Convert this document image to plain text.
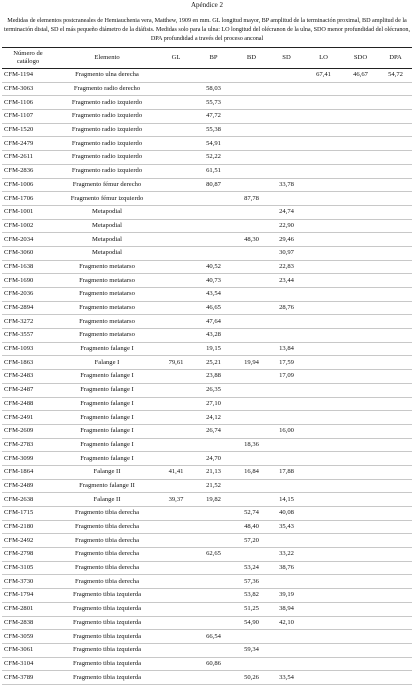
Apéndice 2
Medidas de elementos postcraneales de Hemiauchenia vera, Matthew, 1909 en mm. GL longitud mayor, BP amplitud de la terminación proximal, BD amplitud de la terminación distal, SD el más pequeño diámetro de la diáfisis. Medidas solo para la ulna: LO longitud del olécranon de la ulna, SDO menor profundidad del olécranon, DPA profundidad a través del proceso anconal
Número de catálogo	Elemento	GL	BP	BD	SD	LO	SDO	DPA
CFM-1194	Fragmento ulna derecha					67,41	46,67	54,72
CFM-3063	Fragmento radio derecho		58,03					
CFM-1106	Fragmento radio izquierdo		55,73					
CFM-1107	Fragmento radio izquierdo		47,72					
CFM-1520	Fragmento radio izquierdo		55,38					
CFM-2479	Fragmento radio izquierdo		54,91					
CFM-2611	Fragmento radio izquierdo		52,22					
CFM-2836	Fragmento radio izquierdo		61,51					
CFM-1006	Fragmento fémur derecho		80,87		33,78			
CFM-1706	Fragmento fémur izquierdo			87,78				
CFM-1001	Metapodial				24,74			
CFM-1002	Metapodial				22,90			
CFM-2034	Metapodial			48,30	29,46			
CFM-3060	Metapodial				30,97			
CFM-1638	Fragmento metatarso		40,52		22,83			
CFM-1690	Fragmento metatarso		40,73		23,44			
CFM-2036	Fragmento metatarso		43,54					
CFM-2894	Fragmento metatarso		46,65		28,76			
CFM-3272	Fragmento metatarso		47,64					
CFM-3557	Fragmento metatarso		43,28					
CFM-1093	Fragmento falange I		19,15		13,84			
CFM-1863	Falange I	79,61	25,21	19,94	17,59			
CFM-2483	Fragmento falange I		23,88		17,09			
CFM-2487	Fragmento falange I		26,35					
CFM-2488	Fragmento falange I		27,10					
CFM-2491	Fragmento falange I		24,12					
CFM-2609	Fragmento falange I		26,74		16,00			
CFM-2783	Fragmento falange I			18,36				
CFM-3099	Fragmento falange I		24,70					
CFM-1864	Falange II	41,41	21,13	16,84	17,88			
CFM-2489	Fragmento falange II		21,52					
CFM-2638	Falange II	39,37	19,82		14,15			
CFM-1715	Fragmento tibia derecha			52,74	40,08			
CFM-2180	Fragmento tibia derecha			48,40	35,43			
CFM-2492	Fragmento tibia derecha			57,20				
CFM-2798	Fragmento tibia derecha		62,65		33,22			
CFM-3105	Fragmento tibia derecha			53,24	38,76			
CFM-3730	Fragmento tibia derecha			57,36				
CFM-1794	Fragmento tibia izquierda			53,82	39,19			
CFM-2801	Fragmento tibia izquierda			51,25	38,94			
CFM-2838	Fragmento tibia izquierda			54,90	42,10			
CFM-3059	Fragmento tibia izquierda		66,54					
CFM-3061	Fragmento tibia izquierda			59,34				
CFM-3104	Fragmento tibia izquierda		60,86					
CFM-3789	Fragmento tibia izquierda			50,26	33,54			
